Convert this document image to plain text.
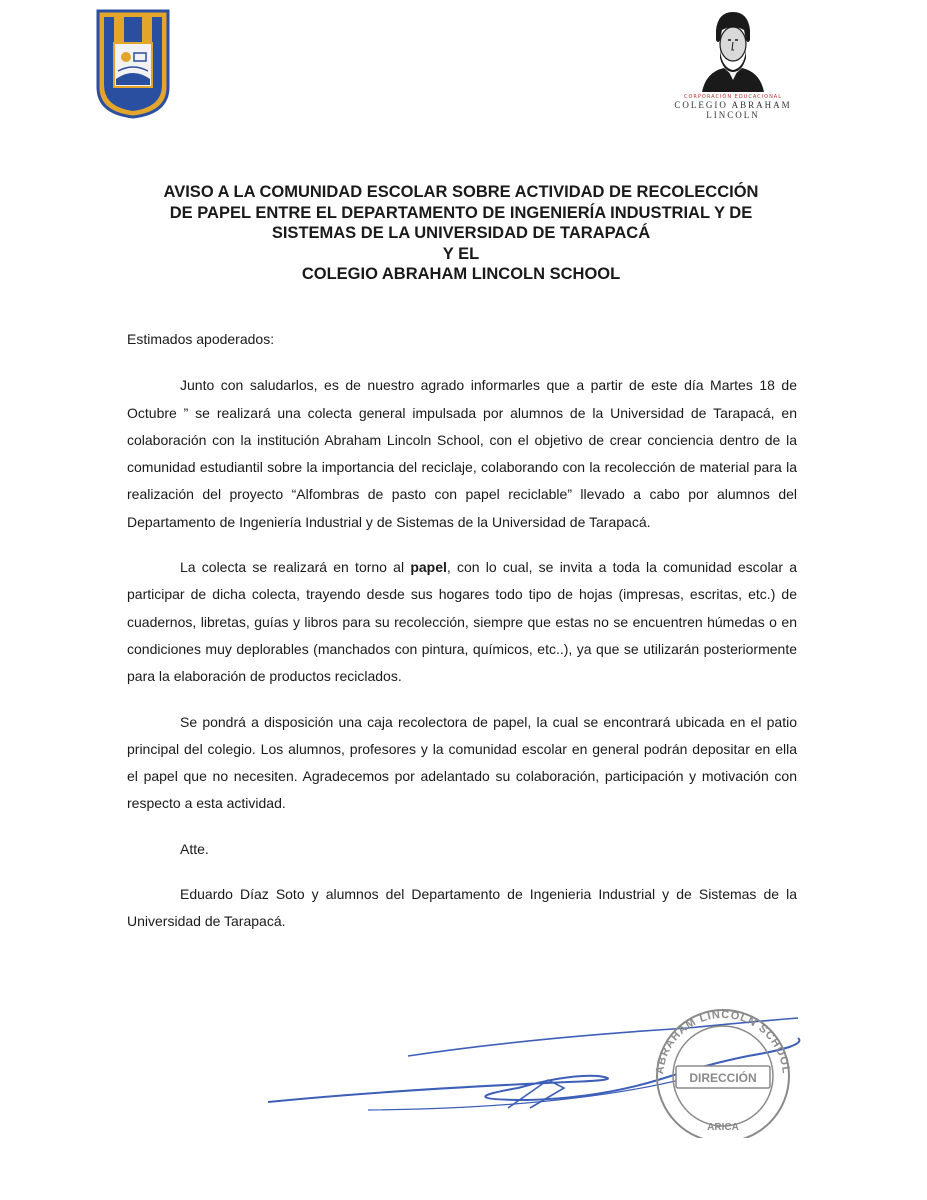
CORPORACIÓN EDUCACIONAL
COLEGIO ABRAHAM
LINCOLN
AVISO A LA COMUNIDAD ESCOLAR SOBRE ACTIVIDAD DE RECOLECCIÓN
DE PAPEL ENTRE EL DEPARTAMENTO DE INGENIERÍA INDUSTRIAL Y DE
SISTEMAS DE LA UNIVERSIDAD DE TARAPACÁ
Y EL
COLEGIO ABRAHAM LINCOLN SCHOOL

Estimados apoderados:

Junto con saludarlos, es de nuestro agrado informarles que a partir de este día Martes 18 de Octubre ” se realizará una colecta general impulsada por alumnos de la Universidad de Tarapacá, en colaboración con la institución Abraham Lincoln School, con el objetivo de crear conciencia dentro de la comunidad estudiantil sobre la importancia del reciclaje, colaborando con la recolección de material para la realización del proyecto “Alfombras de pasto con papel reciclable” llevado a cabo por alumnos del Departamento de Ingeniería Industrial y de Sistemas de la Universidad de Tarapacá.

La colecta se realizará en torno al papel, con lo cual, se invita a toda la comunidad escolar a participar de dicha colecta, trayendo desde sus hogares todo tipo de hojas (impresas, escritas, etc.) de cuadernos, libretas, guías y libros para su recolección, siempre que estas no se encuentren húmedas o en condiciones muy deplorables (manchados con pintura, químicos, etc..), ya que se utilizarán posteriormente para la elaboración de productos reciclados.

Se pondrá a disposición una caja recolectora de papel, la cual se encontrará ubicada en el patio principal del colegio. Los alumnos, profesores y la comunidad escolar en general podrán depositar en ella el papel que no necesiten. Agradecemos por adelantado su colaboración, participación y motivación con respecto a esta actividad.

Atte.

Eduardo Díaz Soto y alumnos del Departamento de Ingenieria Industrial y de Sistemas de la Universidad de Tarapacá.

ABRAHAM LINCOLN SCHOOL
DIRECCIÓN
ARICA
